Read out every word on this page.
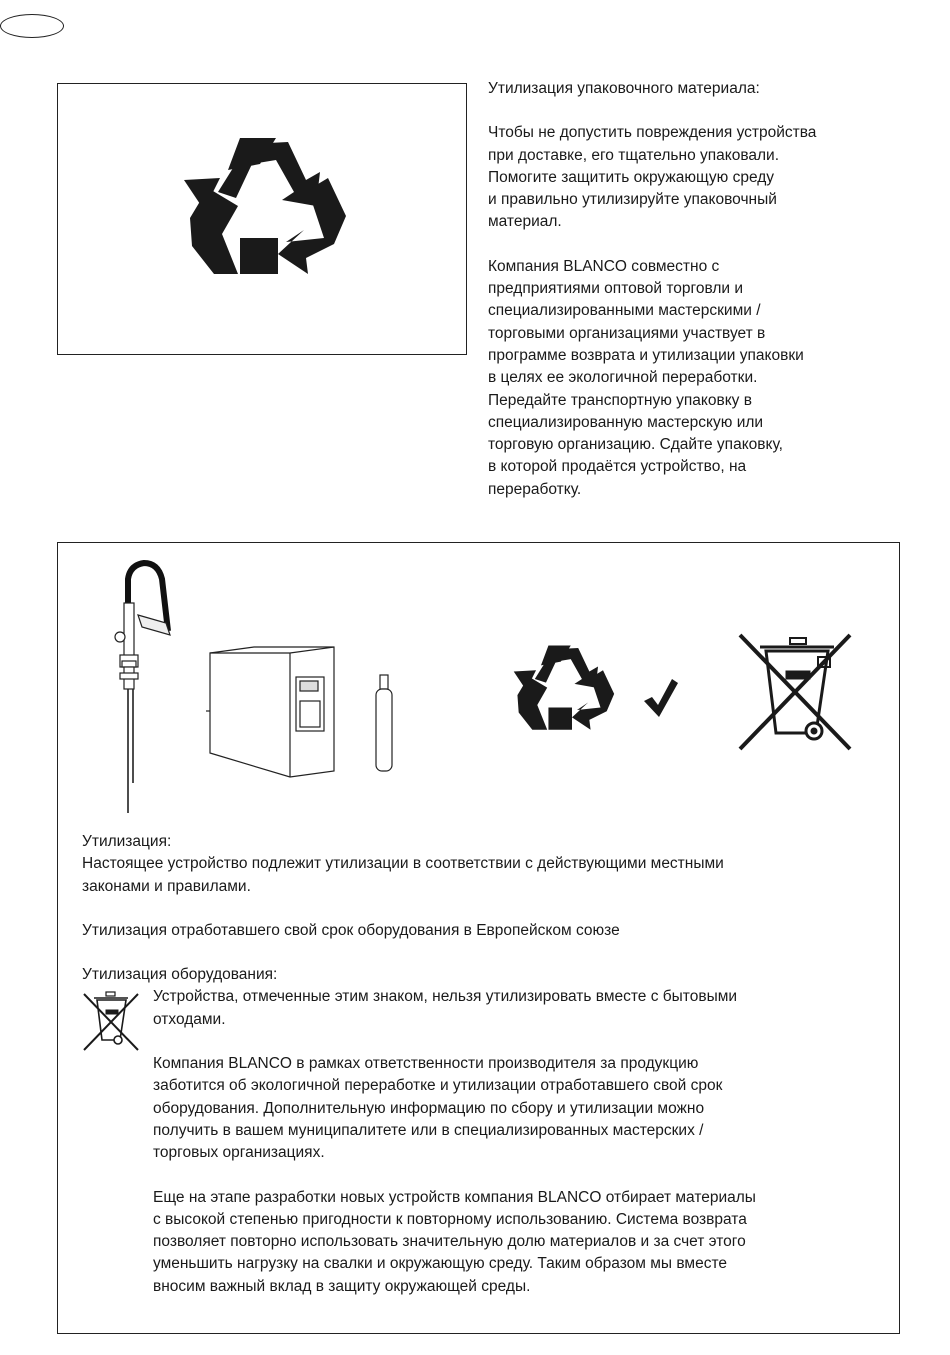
Утилизация упаковочного материала:

Чтобы не допустить повреждения устройства
при доставке, его тщательно упаковали.
Помогите защитить окружающую среду
и правильно утилизируйте упаковочный
материал.

Компания BLANCO совместно с
предприятиями оптовой торговли и
специализированными мастерскими /
торговыми организациями участвует в
программе возврата и утилизации упаковки
в целях ее экологичной переработки.
Передайте транспортную упаковку в
специализированную мастерскую или
торговую организацию. Сдайте упаковку,
в которой продаётся устройство, на
переработку.

Утилизация:

Настоящее устройство подлежит утилизации в соответствии с действующими местными
законами и правилами.

Утилизация отработавшего свой срок оборудования в Европейском союзе

Утилизация оборудования:

Устройства, отмеченные этим знаком, нельзя утилизировать вместе с бытовыми
отходами.

Компания BLANCO в рамках ответственности производителя за продукцию
заботится об экологичной переработке и утилизации отработавшего свой срок
оборудования. Дополнительную информацию по сбору и утилизации можно
получить в вашем муниципалитете или в специализированных мастерских /
торговых организациях.

Еще на этапе разработки новых устройств компания BLANCO отбирает материалы
с высокой степенью пригодности к повторному использованию. Система возврата
позволяет повторно использовать значительную долю материалов и за счет этого
уменьшить нагрузку на свалки и окружающую среду. Таким образом мы вместе
вносим важный вклад в защиту окружающей среды.
